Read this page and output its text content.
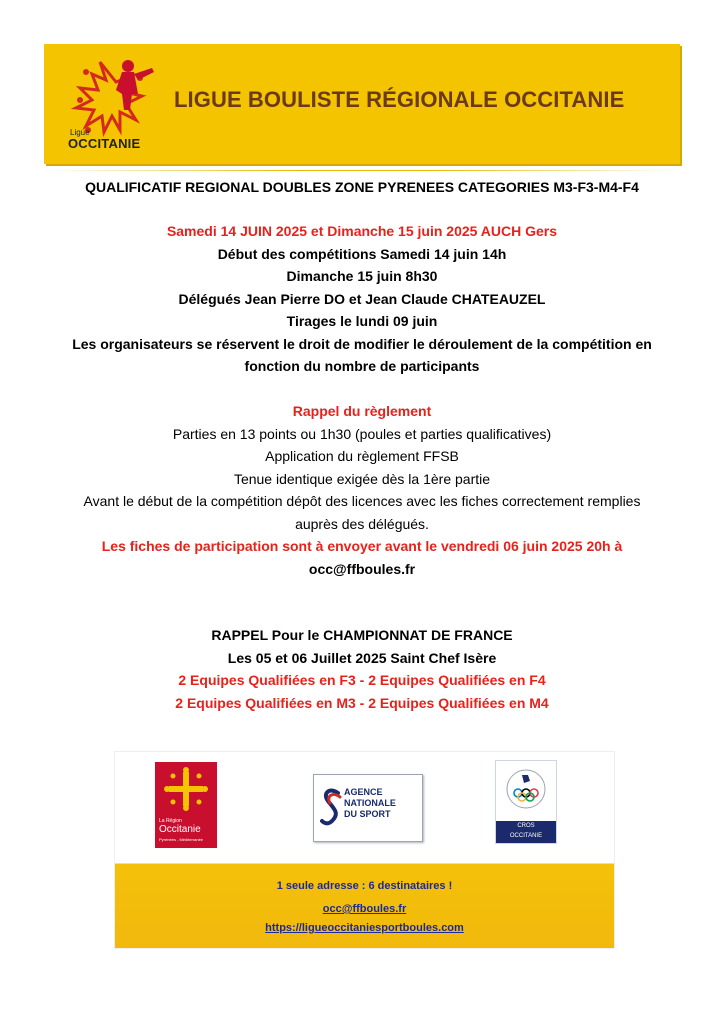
Ligue
OCCITANIE
LIGUE BOULISTE RÉGIONALE OCCITANIE
QUALIFICATIF REGIONAL DOUBLES ZONE PYRENEES CATEGORIES M3-F3-M4-F4
Samedi 14 JUIN 2025 et Dimanche 15 juin 2025 AUCH Gers
Début des compétitions Samedi 14 juin 14h
Dimanche 15 juin 8h30
Délégués Jean Pierre DO et Jean Claude CHATEAUZEL
Tirages le lundi 09 juin
Les organisateurs se réservent le droit de modifier le déroulement de la compétition en
fonction du nombre de participants
Rappel du règlement
Parties en 13 points ou 1h30 (poules et parties qualificatives)
Application du règlement FFSB
Tenue identique exigée dès la 1ère partie
Avant le début de la compétition dépôt des licences avec les fiches correctement remplies
auprès des délégués.
Les fiches de participation sont à envoyer avant le vendredi 06 juin 2025 20h à
occ@ffboules.fr
RAPPEL Pour le CHAMPIONNAT DE FRANCE
Les 05 et 06 Juillet 2025 Saint Chef Isère
2 Equipes Qualifiées en F3 - 2 Equipes Qualifiées en F4
2 Equipes Qualifiées en M3 - 2 Equipes Qualifiées en M4
La Région
Occitanie
Pyrénées - Méditerranée
AGENCE
NATIONALE
DU SPORT
CROS
OCCITANIE
1 seule adresse : 6 destinataires !
occ@ffboules.fr
https://ligueoccitaniesportboules.com
